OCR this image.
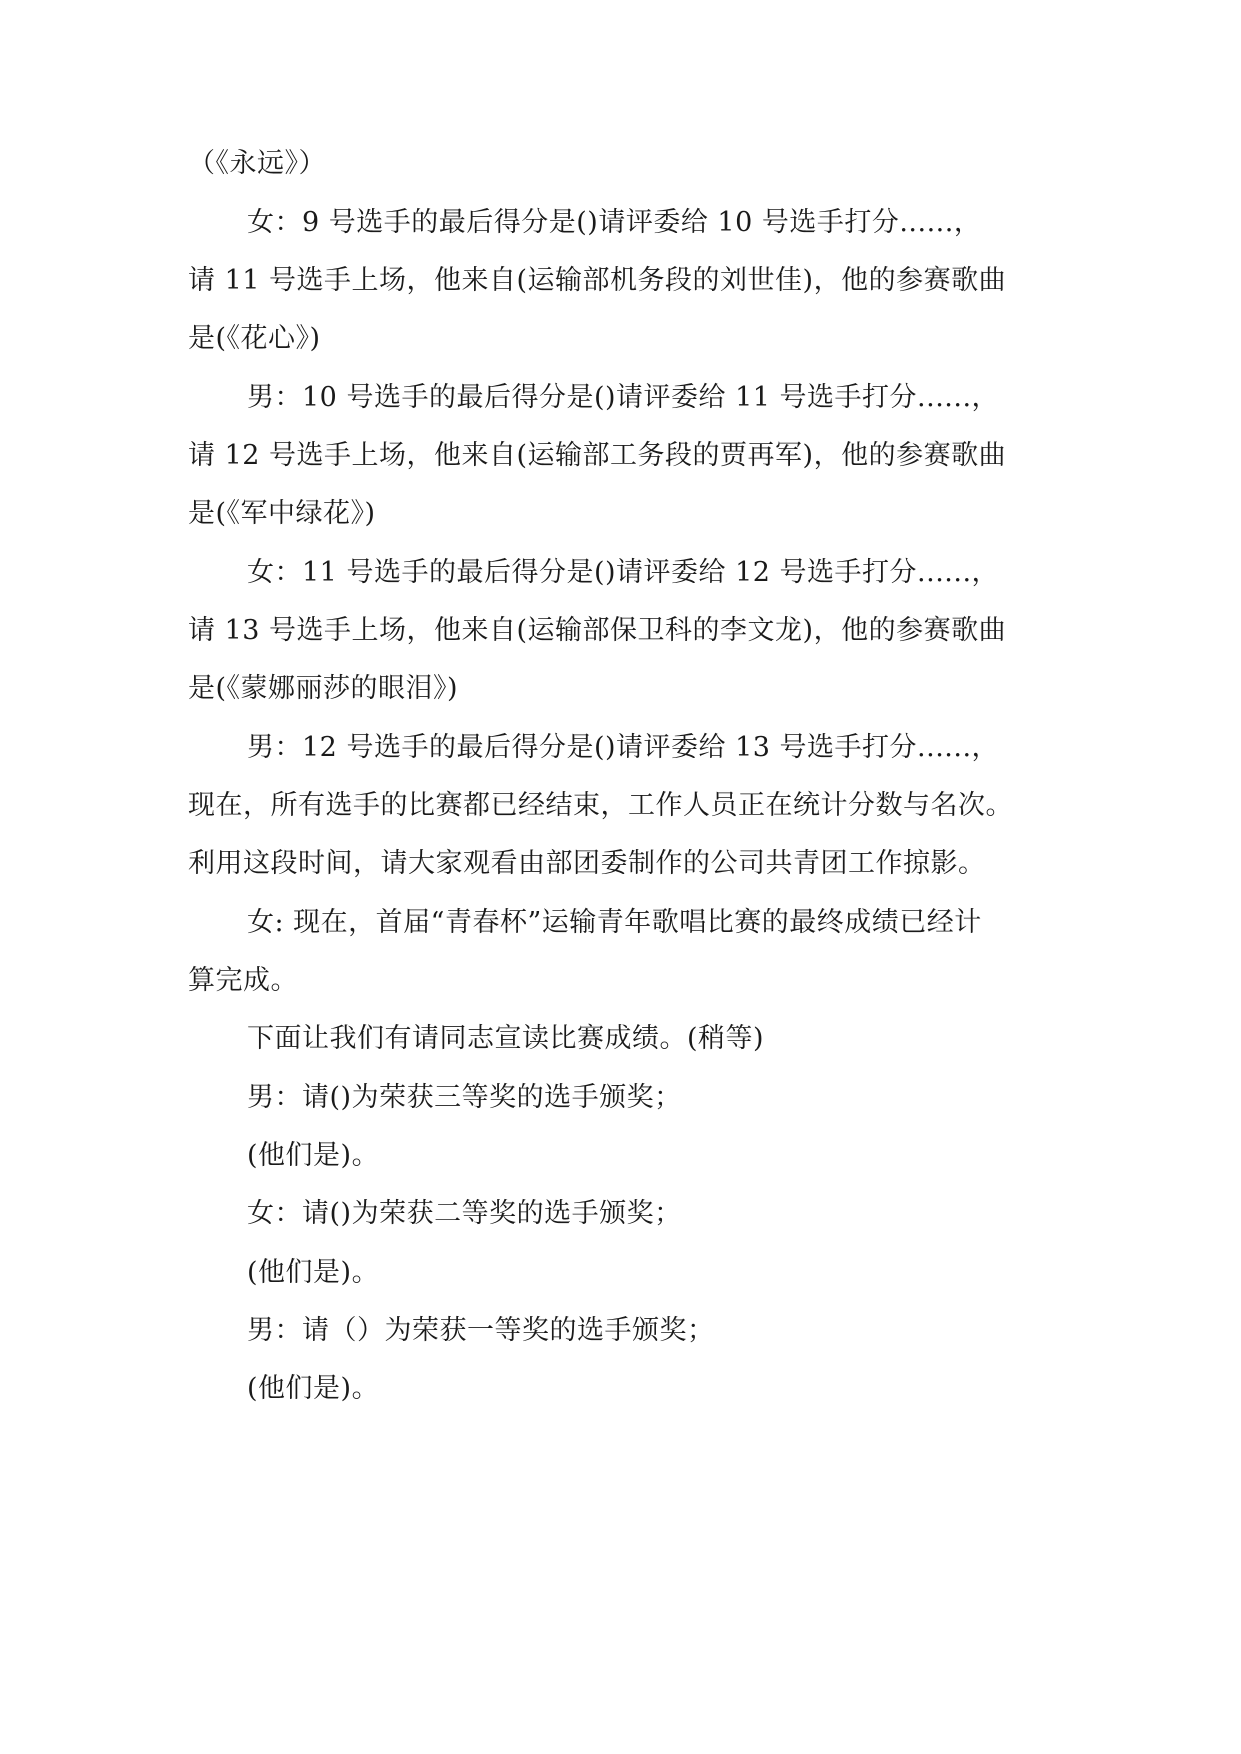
（《永远》）
女：9 号选手的最后得分是()请评委给 10 号选手打分......，
请 11 号选手上场，他来自(运输部机务段的刘世佳)，他的参赛歌曲
是(《花心》)
男：10 号选手的最后得分是()请评委给 11 号选手打分......，
请 12 号选手上场，他来自(运输部工务段的贾再军)，他的参赛歌曲
是(《军中绿花》)
女：11 号选手的最后得分是()请评委给 12 号选手打分......，
请 13 号选手上场，他来自(运输部保卫科的李文龙)，他的参赛歌曲
是(《蒙娜丽莎的眼泪》)
男：12 号选手的最后得分是()请评委给 13 号选手打分......，
现在，所有选手的比赛都已经结束，工作人员正在统计分数与名次。
利用这段时间，请大家观看由部团委制作的公司共青团工作掠影。
女: 现在，首届“青春杯”运输青年歌唱比赛的最终成绩已经计
算完成。
下面让我们有请同志宣读比赛成绩。(稍等)
男：请()为荣获三等奖的选手颁奖；
(他们是)。
女：请()为荣获二等奖的选手颁奖；
(他们是)。
男：请（）为荣获一等奖的选手颁奖；
(他们是)。
